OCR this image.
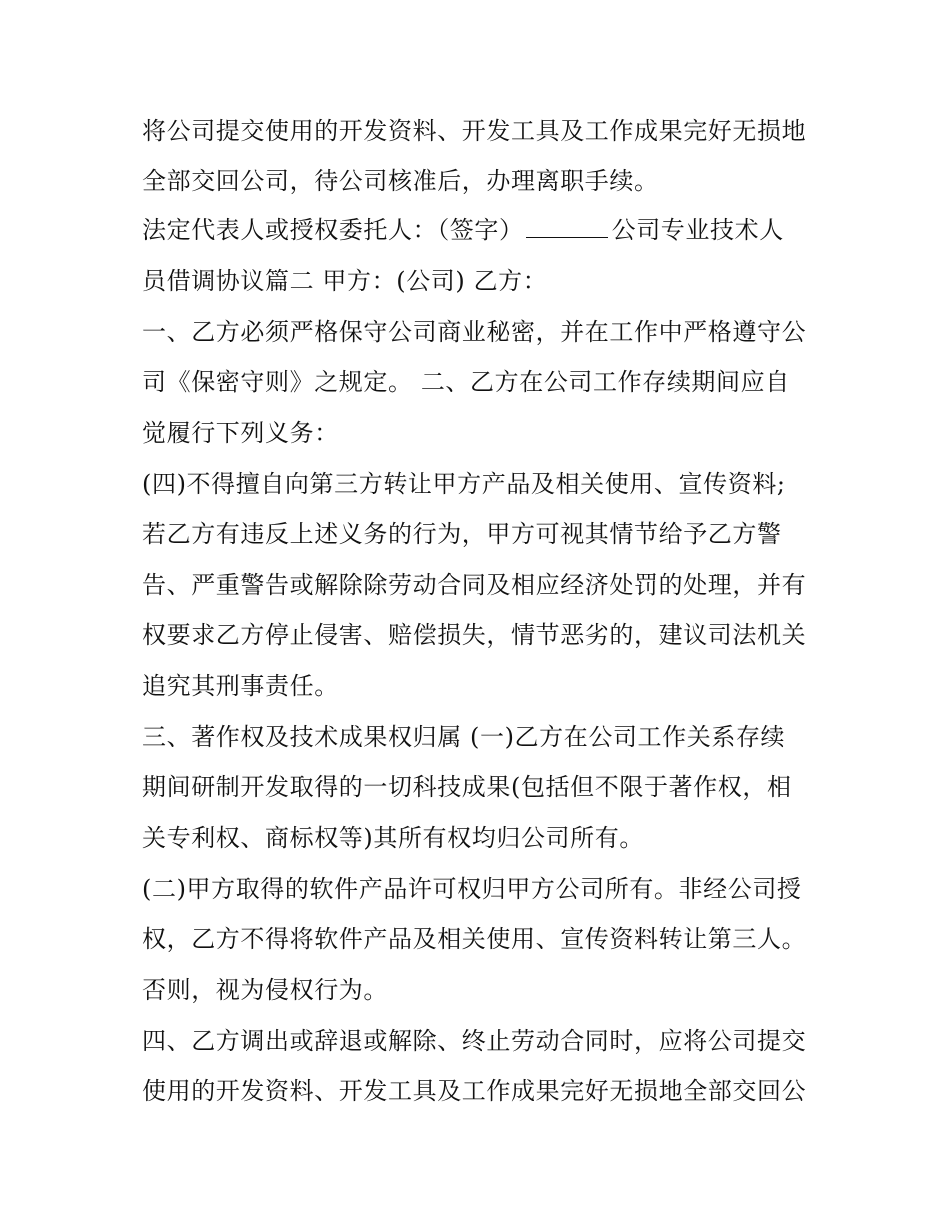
将公司提交使用的开发资料、开发工具及工作成果完好无损地
全部交回公司，待公司核准后，办理离职手续。
法定代表人或授权委托人：（签字）	公司专业技术人
员借调协议篇二 甲方：(公司) 乙方：
一、乙方必须严格保守公司商业秘密，并在工作中严格遵守公
司《保密守则》之规定。 二、乙方在公司工作存续期间应自
觉履行下列义务：
(四)不得擅自向第三方转让甲方产品及相关使用、宣传资料;
若乙方有违反上述义务的行为，甲方可视其情节给予乙方警
告、严重警告或解除除劳动合同及相应经济处罚的处理，并有
权要求乙方停止侵害、赔偿损失，情节恶劣的，建议司法机关
追究其刑事责任。
三、著作权及技术成果权归属 (一)乙方在公司工作关系存续
期间研制开发取得的一切科技成果(包括但不限于著作权，相
关专利权、商标权等)其所有权均归公司所有。
(二)甲方取得的软件产品许可权归甲方公司所有。非经公司授
权，乙方不得将软件产品及相关使用、宣传资料转让第三人。
否则，视为侵权行为。
四、乙方调出或辞退或解除、终止劳动合同时，应将公司提交
使用的开发资料、开发工具及工作成果完好无损地全部交回公
